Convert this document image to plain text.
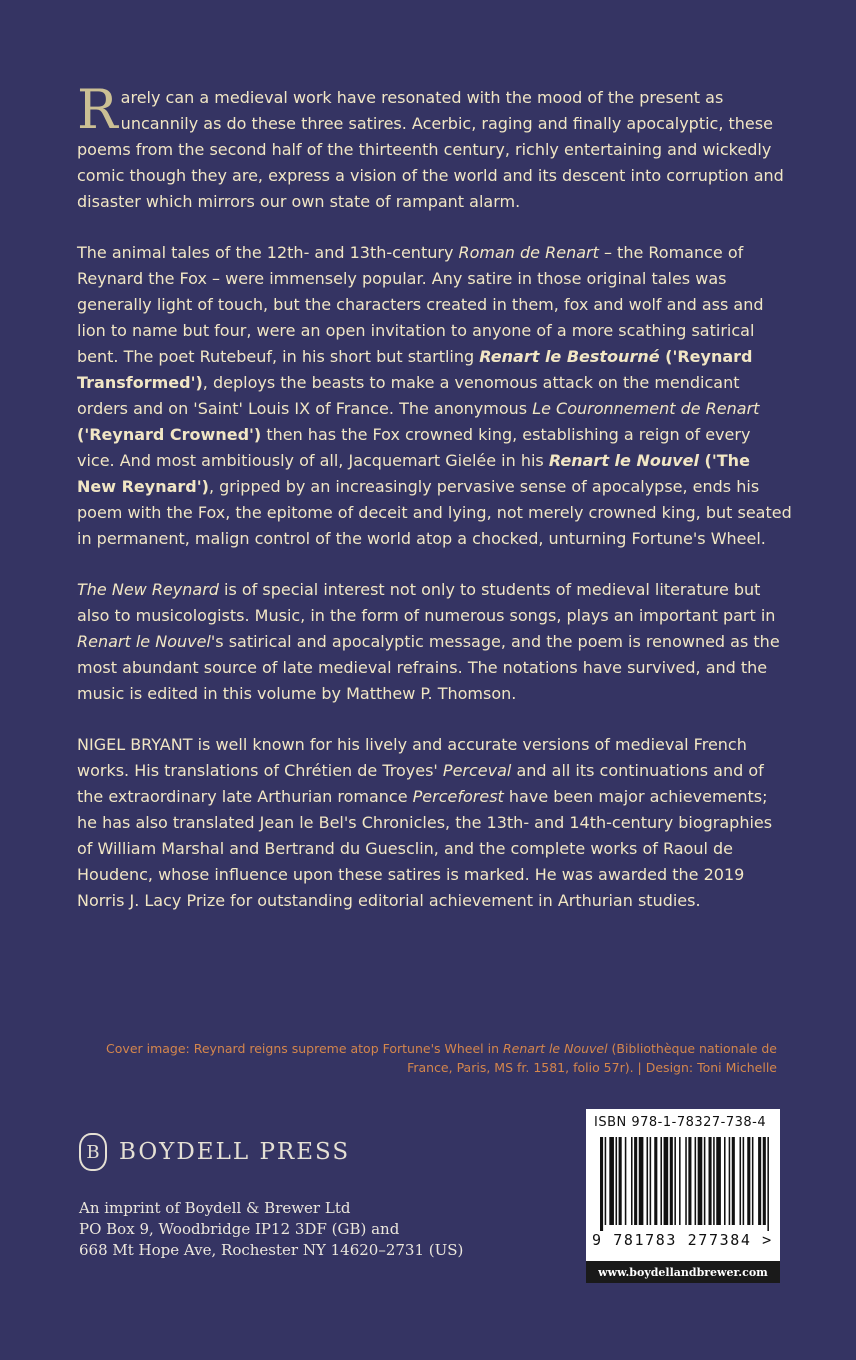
Rarely can a medieval work have resonated with the mood of the present as uncannily as do these three satires. Acerbic, raging and finally apocalyptic, these poems from the second half of the thirteenth century, richly entertaining and wickedly comic though they are, express a vision of the world and its descent into corruption and disaster which mirrors our own state of rampant alarm.

The animal tales of the 12th- and 13th-century Roman de Renart – the Romance of Reynard the Fox – were immensely popular. Any satire in those original tales was generally light of touch, but the characters created in them, fox and wolf and ass and lion to name but four, were an open invitation to anyone of a more scathing satirical bent. The poet Rutebeuf, in his short but startling Renart le Bestourné ('Reynard Transformed'), deploys the beasts to make a venomous attack on the mendicant orders and on 'Saint' Louis IX of France. The anonymous Le Couronnement de Renart ('Reynard Crowned') then has the Fox crowned king, establishing a reign of every vice. And most ambitiously of all, Jacquemart Gielée in his Renart le Nouvel ('The New Reynard'), gripped by an increasingly pervasive sense of apocalypse, ends his poem with the Fox, the epitome of deceit and lying, not merely crowned king, but seated in permanent, malign control of the world atop a chocked, unturning Fortune's Wheel.

The New Reynard is of special interest not only to students of medieval literature but also to musicologists. Music, in the form of numerous songs, plays an important part in Renart le Nouvel's satirical and apocalyptic message, and the poem is renowned as the most abundant source of late medieval refrains. The notations have survived, and the music is edited in this volume by Matthew P. Thomson.

NIGEL BRYANT is well known for his lively and accurate versions of medieval French works. His translations of Chrétien de Troyes' Perceval and all its continuations and of the extraordinary late Arthurian romance Perceforest have been major achievements; he has also translated Jean le Bel's Chronicles, the 13th- and 14th-century biographies of William Marshal and Bertrand du Guesclin, and the complete works of Raoul de Houdenc, whose influence upon these satires is marked. He was awarded the 2019 Norris J. Lacy Prize for outstanding editorial achievement in Arthurian studies.

Cover image: Reynard reigns supreme atop Fortune's Wheel in Renart le Nouvel (Bibliothèque nationale de France, Paris, MS fr. 1581, folio 57r). | Design: Toni Michelle
B BOYDELL PRESS
An imprint of Boydell & Brewer Ltd
PO Box 9, Woodbridge IP12 3DF (GB) and
668 Mt Hope Ave, Rochester NY 14620–2731 (US)
ISBN 978-1-78327-738-4
9 781783 277384 >
www.boydellandbrewer.com
